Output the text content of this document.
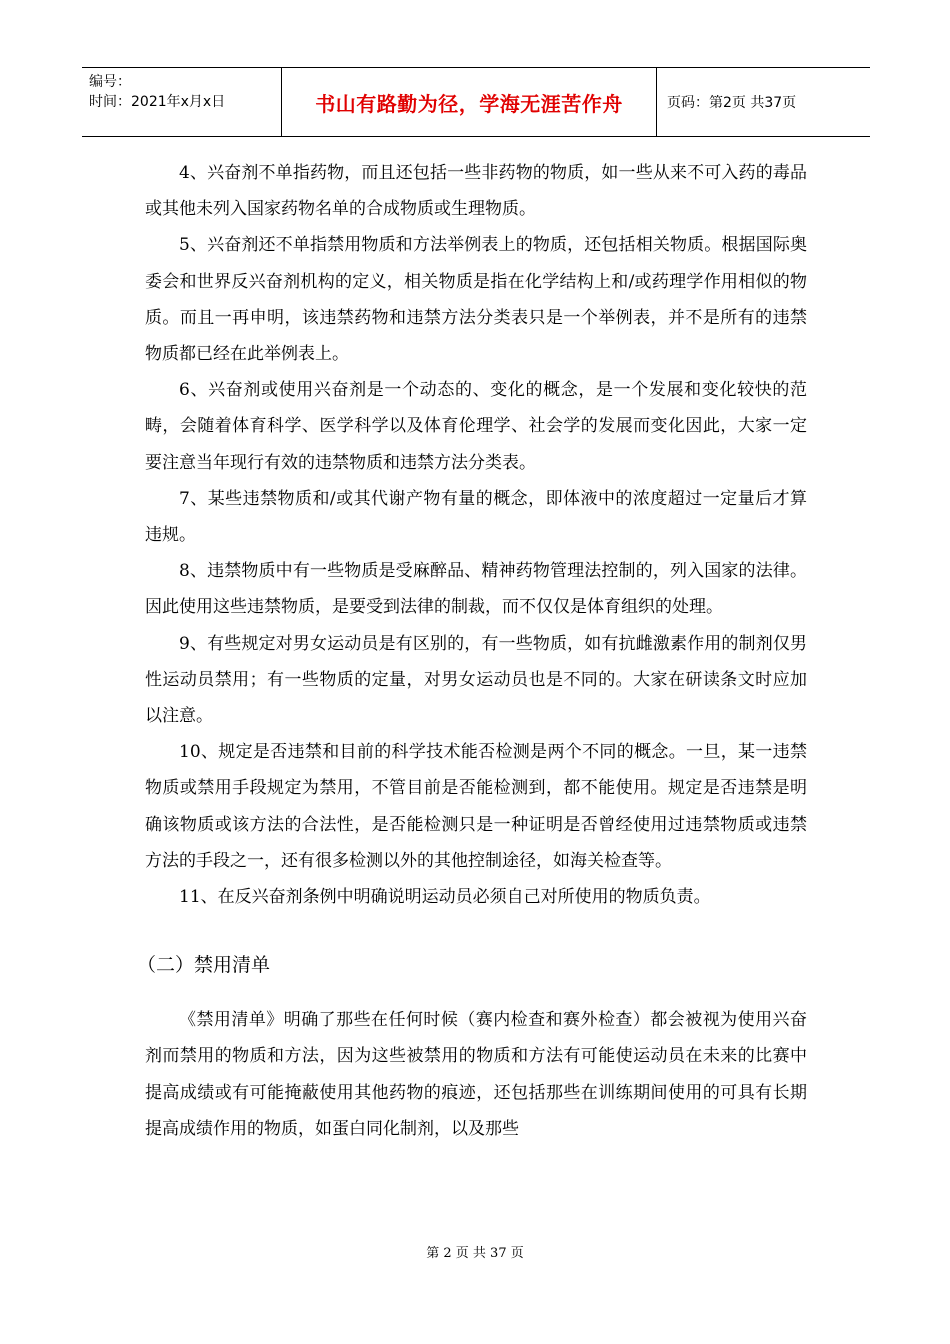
编号：
时间：2021年x月x日	书山有路勤为径，学海无涯苦作舟	页码：第2页 共37页

4、兴奋剂不单指药物，而且还包括一些非药物的物质，如一些从来不可入药的毒品或其他未列入国家药物名单的合成物质或生理物质。

5、兴奋剂还不单指禁用物质和方法举例表上的物质，还包括相关物质。根据国际奥委会和世界反兴奋剂机构的定义，相关物质是指在化学结构上和/或药理学作用相似的物质。而且一再申明，该违禁药物和违禁方法分类表只是一个举例表，并不是所有的违禁物质都已经在此举例表上。

6、兴奋剂或使用兴奋剂是一个动态的、变化的概念，是一个发展和变化较快的范畴，会随着体育科学、医学科学以及体育伦理学、社会学的发展而变化因此，大家一定要注意当年现行有效的违禁物质和违禁方法分类表。

7、某些违禁物质和/或其代谢产物有量的概念，即体液中的浓度超过一定量后才算违规。

8、违禁物质中有一些物质是受麻醉品、精神药物管理法控制的，列入国家的法律。因此使用这些违禁物质，是要受到法律的制裁，而不仅仅是体育组织的处理。

9、有些规定对男女运动员是有区别的，有一些物质，如有抗雌激素作用的制剂仅男性运动员禁用；有一些物质的定量，对男女运动员也是不同的。大家在研读条文时应加以注意。

10、规定是否违禁和目前的科学技术能否检测是两个不同的概念。一旦，某一违禁物质或禁用手段规定为禁用，不管目前是否能检测到，都不能使用。规定是否违禁是明确该物质或该方法的合法性，是否能检测只是一种证明是否曾经使用过违禁物质或违禁方法的手段之一，还有很多检测以外的其他控制途径，如海关检查等。

11、在反兴奋剂条例中明确说明运动员必须自己对所使用的物质负责。

（二）禁用清单

《禁用清单》明确了那些在任何时候（赛内检查和赛外检查）都会被视为使用兴奋剂而禁用的物质和方法，因为这些被禁用的物质和方法有可能使运动员在未来的比赛中提高成绩或有可能掩蔽使用其他药物的痕迹，还包括那些在训练期间使用的可具有长期提高成绩作用的物质，如蛋白同化制剂，以及那些

第 2 页 共 37 页
